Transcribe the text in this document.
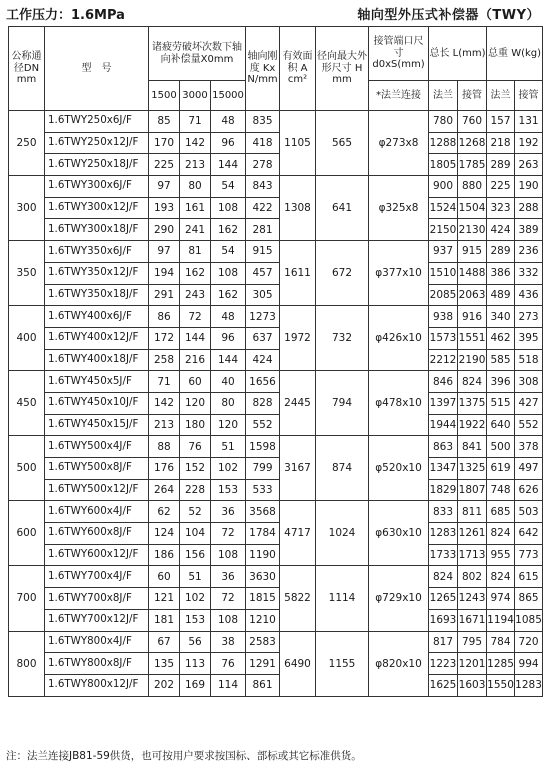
工作压力：1.6MPa	轴向型外压式补偿器（TWY）
公称通径DN mm	型　号	诸疲劳破坏次数下轴向补偿量X0mm			轴向刚度 Kx N/mm	有效面积 A cm²	径向最大外形尺寸 H mm	接管端口尺寸 d0xS(mm)	总长 L(mm)		总重 W(kg)	
		1500	3000	15000				*法兰连接	法兰	接管	法兰	接管
250	1.6TWY250x6J/F	85	71	48	835	1105	565	φ273x8	780	760	157	131
	1.6TWY250x12J/F	170	142	96	418				1288	1268	218	192
	1.6TWY250x18J/F	225	213	144	278				1805	1785	289	263
300	1.6TWY300x6J/F	97	80	54	843	1308	641	φ325x8	900	880	225	190
	1.6TWY300x12J/F	193	161	108	422				1524	1504	323	288
	1.6TWY300x18J/F	290	241	162	281				2150	2130	424	389
350	1.6TWY350x6J/F	97	81	54	915	1611	672	φ377x10	937	915	289	236
	1.6TWY350x12J/F	194	162	108	457				1510	1488	386	332
	1.6TWY350x18J/F	291	243	162	305				2085	2063	489	436
400	1.6TWY400x6J/F	86	72	48	1273	1972	732	φ426x10	938	916	340	273
	1.6TWY400x12J/F	172	144	96	637				1573	1551	462	395
	1.6TWY400x18J/F	258	216	144	424				2212	2190	585	518
450	1.6TWY450x5J/F	71	60	40	1656	2445	794	φ478x10	846	824	396	308
	1.6TWY450x10J/F	142	120	80	828				1397	1375	515	427
	1.6TWY450x15J/F	213	180	120	552				1944	1922	640	552
500	1.6TWY500x4J/F	88	76	51	1598	3167	874	φ520x10	863	841	500	378
	1.6TWY500x8J/F	176	152	102	799				1347	1325	619	497
	1.6TWY500x12J/F	264	228	153	533				1829	1807	748	626
600	1.6TWY600x4J/F	62	52	36	3568	4717	1024	φ630x10	833	811	685	503
	1.6TWY600x8J/F	124	104	72	1784				1283	1261	824	642
	1.6TWY600x12J/F	186	156	108	1190				1733	1713	955	773
700	1.6TWY700x4J/F	60	51	36	3630	5822	1114	φ729x10	824	802	824	615
	1.6TWY700x8J/F	121	102	72	1815				1265	1243	974	865
	1.6TWY700x12J/F	181	153	108	1210				1693	1671	1194	1085
800	1.6TWY800x4J/F	67	56	38	2583	6490	1155	φ820x10	817	795	784	720
	1.6TWY800x8J/F	135	113	76	1291				1223	1201	1285	994
	1.6TWY800x12J/F	202	169	114	861				1625	1603	1550	1283
注：法兰连接JB81-59供货，也可按用户要求按国标、部标或其它标准供货。
